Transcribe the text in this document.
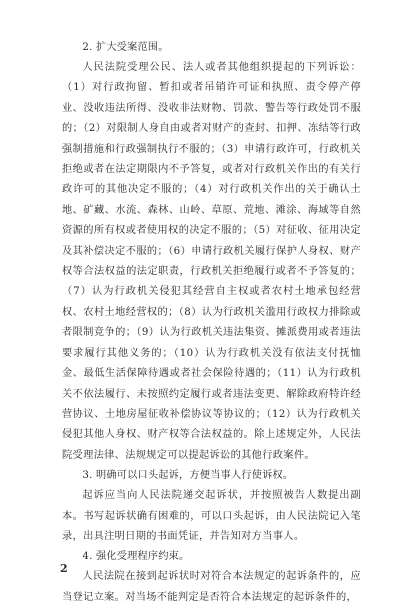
2. 扩大受案范围。

人民法院受理公民、法人或者其他组织提起的下列诉讼：（1）对行政拘留、暂扣或者吊销许可证和执照、责令停产停业、没收违法所得、没收非法财物、罚款、警告等行政处罚不服的；（2）对限制人身自由或者对财产的查封、扣押、冻结等行政强制措施和行政强制执行不服的；（3）申请行政许可，行政机关拒绝或者在法定期限内不予答复，或者对行政机关作出的有关行政许可的其他决定不服的；（4）对行政机关作出的关于确认土地、矿藏、水流、森林、山岭、草原、荒地、滩涂、海域等自然资源的所有权或者使用权的决定不服的；（5）对征收、征用决定及其补偿决定不服的；（6）申请行政机关履行保护人身权、财产权等合法权益的法定职责，行政机关拒绝履行或者不予答复的；（7）认为行政机关侵犯其经营自主权或者农村土地承包经营权、农村土地经营权的；（8）认为行政机关滥用行政权力排除或者限制竞争的；（9）认为行政机关违法集资、摊派费用或者违法要求履行其他义务的；（10）认为行政机关没有依法支付抚恤金、最低生活保障待遇或者社会保险待遇的；（11）认为行政机关不依法履行、未按照约定履行或者违法变更、解除政府特许经营协议、土地房屋征收补偿协议等协议的；（12）认为行政机关侵犯其他人身权、财产权等合法权益的。除上述规定外，人民法院受理法律、法规规定可以提起诉讼的其他行政案件。

3. 明确可以口头起诉，方便当事人行使诉权。

起诉应当向人民法院递交起诉状，并按照被告人数提出副本。书写起诉状确有困难的，可以口头起诉，由人民法院记入笔录，出具注明日期的书面凭证，并告知对方当事人。

4. 强化受理程序约束。

人民法院在接到起诉状时对符合本法规定的起诉条件的，应当登记立案。对当场不能判定是否符合本法规定的起诉条件的，

2
